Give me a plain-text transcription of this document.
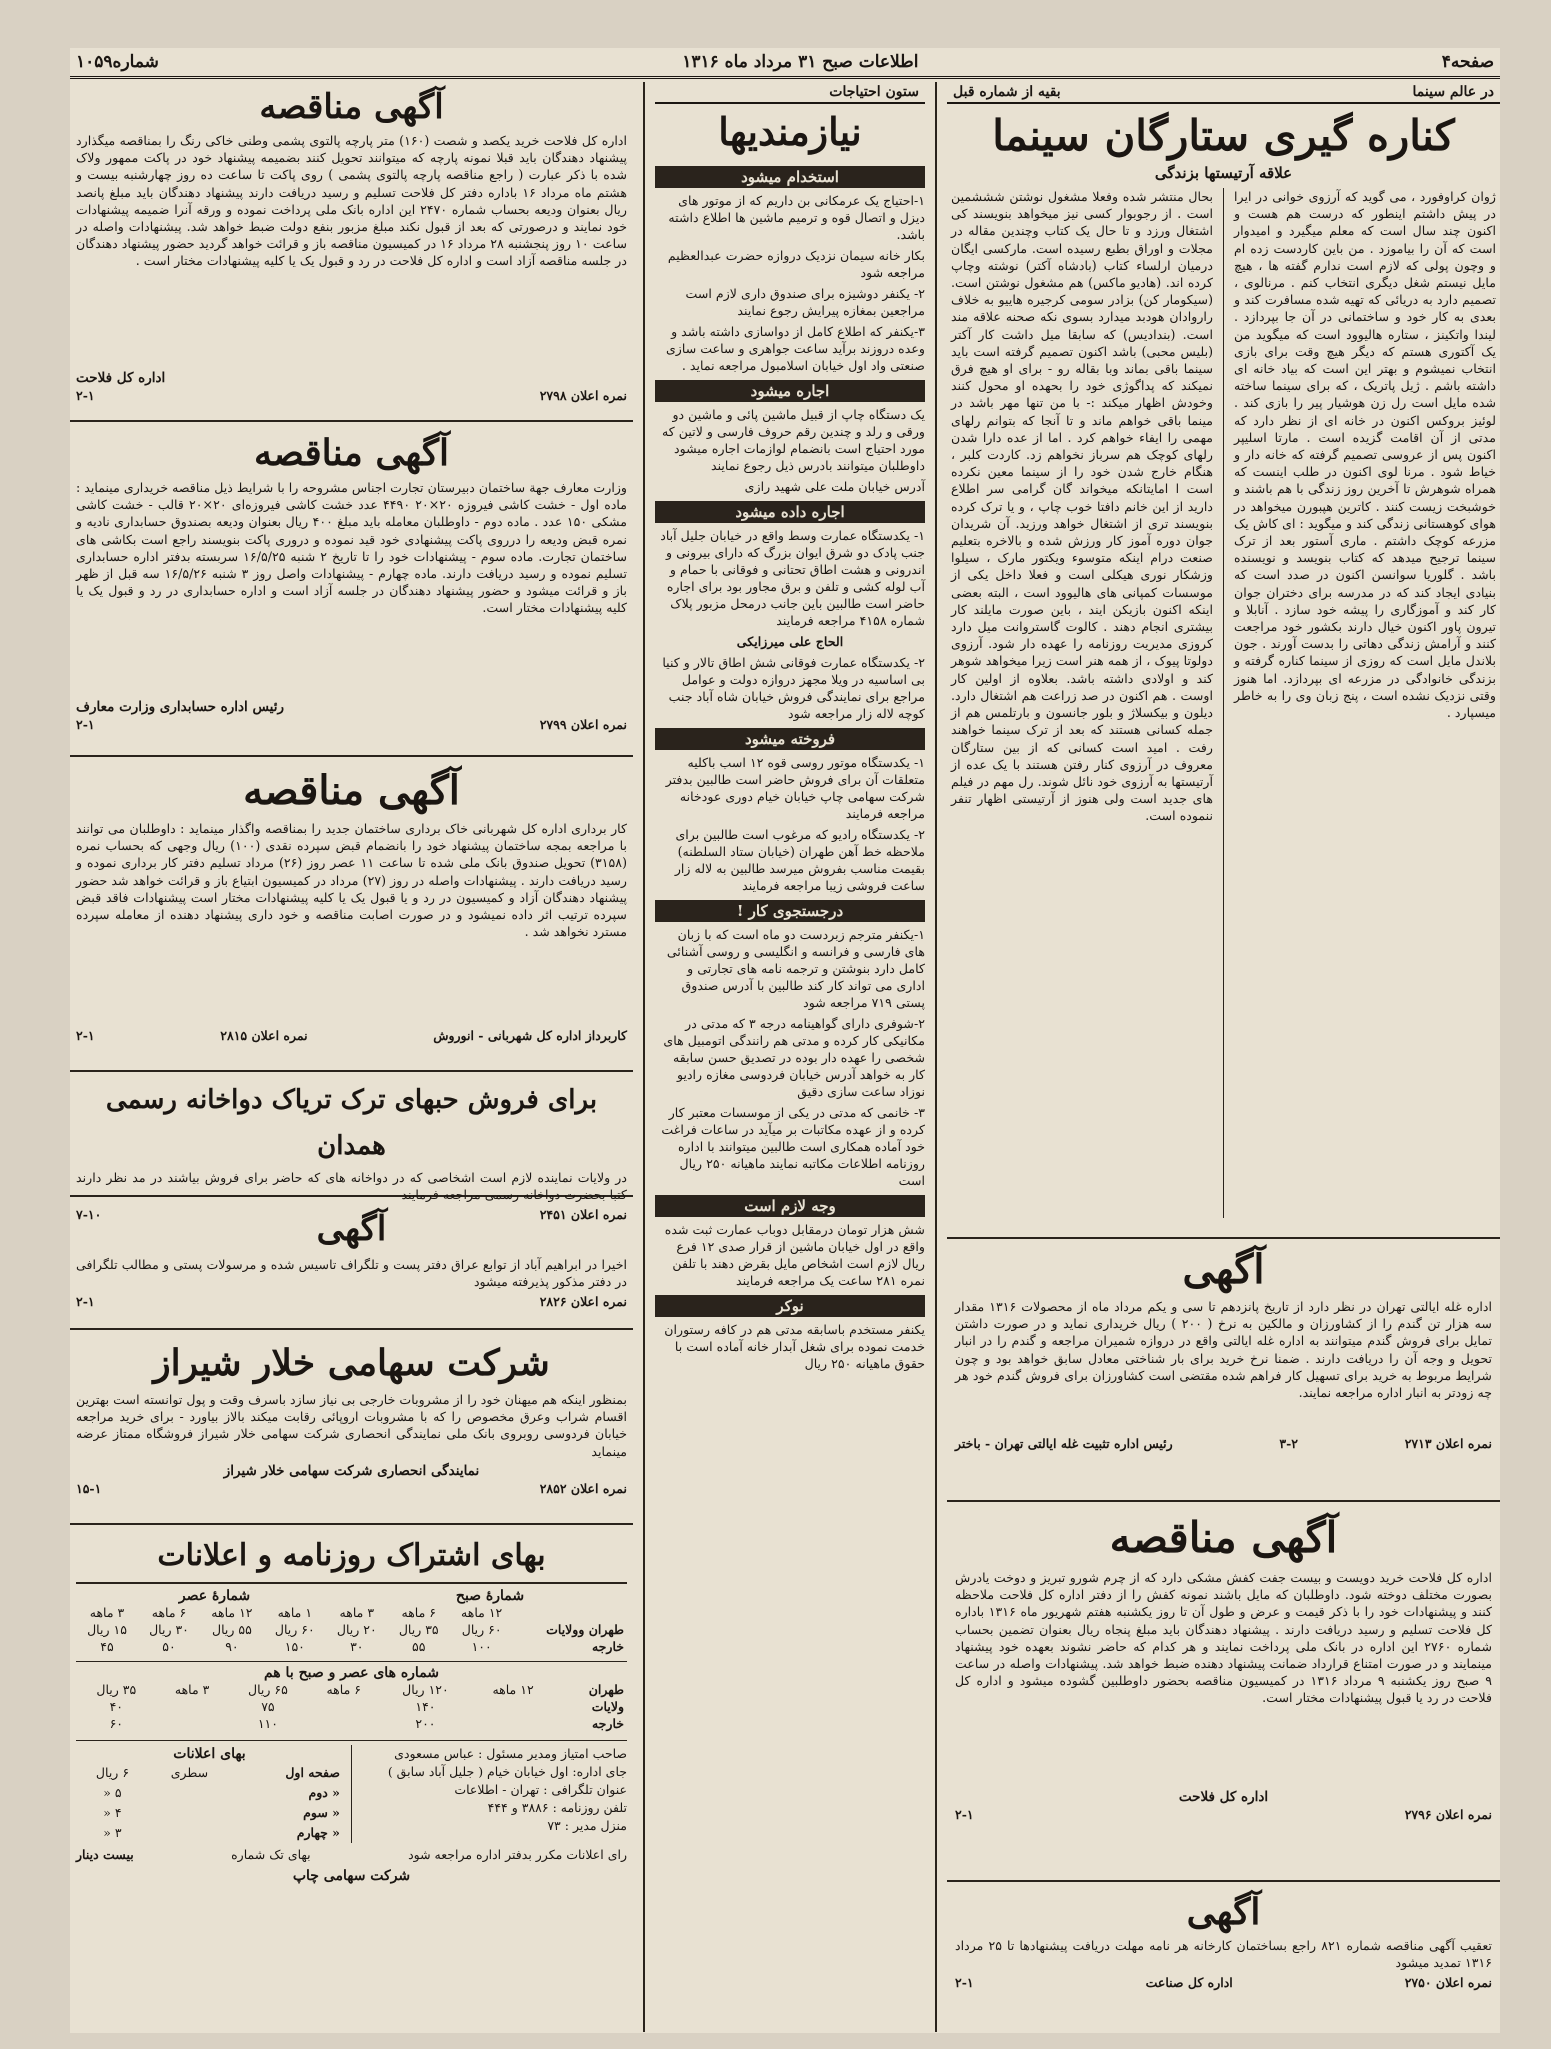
صفحه۴
اطلاعات صبح ۳۱ مرداد ماه ۱۳۱۶
شماره۱۰۵۹
در عالم سینما
بقیه از شماره قبل
کناره گیری ستارگان سینما
علاقه آرتیستها بزندگی
ژوان کراوفورد ، می گوید که آرزوی خوانی در ایرا در پیش داشتم اینطور که درست هم هست و اکنون چند سال است که معلم میگیرد و امیدوار است که آن را بیاموزد . من باین کاردست زده ام و وچون پولی که لازم است ندارم گفته ها ، هیچ مایل نیستم شغل دیگری انتخاب کنم . مرنالوی ، تصمیم دارد به دریائی که تهیه شده مسافرت کند و بعدی به کار خود و ساختمانی در آن جا بپردازد . لیندا واتکینز ، ستاره هالیوود است که میگوید من یک آکتوری هستم که دیگر هیچ وقت برای بازی انتخاب نمیشوم و بهتر این است که بیاد خانه ای داشته باشم . ژیل پاتریک ، که برای سینما ساخته شده مایل است رل زن هوشیار پیر را بازی کند . لوئیز بروکس اکنون در خانه ای از نظر دارد که مدتی از آن اقامت گزیده است . مارتا اسلیپر اکنون پس از عروسی تصمیم گرفته که خانه دار و خیاط شود . مرنا لوی اکنون در طلب اینست که همراه شوهرش تا آخرین روز زندگی با هم باشند و خوشبخت زیست کنند . کاترین هپبورن میخواهد در هوای کوهستانی زندگی کند و میگوید : ای کاش یک مزرعه کوچک داشتم . ماری آستور بعد از ترک سینما ترجیح میدهد که کتاب بنویسد و نویسنده باشد . گلوریا سوانسن اکنون در صدد است که بنیادی ایجاد کند که در مدرسه برای دختران جوان کار کند و آموزگاری را پیشه خود سازد . آنابلا و تیرون پاور اکنون خیال دارند بکشور خود مراجعت کنند و آرامش زندگی دهاتی را بدست آورند . جون بلاندل مایل است که روزی از سینما کناره گرفته و بزندگی خانوادگی در مزرعه ای بپردازد. اما هنوز وقتی نزدیک نشده است ، پنج زبان وی را به خاطر میسپارد .
بحال منتشر شده وفعلا مشغول نوشتن شششمین است . از رجوبوار کسی نیز میخواهد بنویسند کی اشتغال ورزد و تا حال یک کتاب وچندین مقاله در مجلات و اوراق بطبع رسیده است. مارکسی ایگان درمیان ارلساء کتاب (بادشاه آکتر) نوشته وچاپ کرده اند. (هادیو ماکس) هم مشغول نوشتن است. (سیکومار کن) بزادر سومی کرجیره هاییو به خلاف راروادان هودبد میدارد بسوی نکه صحنه علاقه مند است. (بندادیس) که سابقا میل داشت کار آکتر (بلیس محبی) باشد اکنون تصمیم گرفته است باید سینما باقی بماند وبا بقاله رو - برای او هیچ فرق نمیکند که پداگوژی خود را بحهده او محول کنند وخودش اظهار میکند :- با من تنها مهر باشد در مینما باقی خواهم ماند و تا آنجا که بتوانم رلهای مهمی را ایفاء خواهم کرد . اما از عده دارا شدن رلهای کوچک هم سرباز نخواهم زد. کاردت کلبر ، هنگام خارج شدن خود را از سینما معین نکرده است ا امایتانکه میخواند گان گرامی سر اطلاع دارید از این خانم دافتا خوب چاپ ، و یا ترک کرده بنویسند تری از اشتغال خواهد ورزید. آن شریدان جوان دوره آموز کار ورزش شده و بالاخره بتعلیم صنعت درام اینکه متوسوء ویکتور مارک ، سیلوا وزشکار نوری هیکلی است و فعلا داخل یکی از موسسات کمپانی های هالیوود است ، البته بعضی اینکه اکنون بازیکن ایند ، باین صورت مایلند کار بیشتری انجام دهند . کالوت گاستروانت میل دارد کروزی مدیریت روزنامه را عهده دار شود. آرزوی دولوتا پیوک ، از همه هنر است زیرا میخواهد شوهر کند و اولادی داشته باشد. بعلاوه از اولین کار اوست . هم اکنون در صد زراعت هم اشتغال دارد. دیلون و بیکسلاژ و بلور جانسون و بارتلمس هم از جمله کسانی هستند که بعد از ترک سینما خواهند رفت . امید است کسانی که از بین ستارگان معروف در آرزوی کنار رفتن هستند با یک عده از آرتیستها به آرزوی خود نائل شوند. رل مهم در فیلم های جدید است ولی هنوز از آرتیستی اظهار تنفر ننموده است.
آگهی

اداره غله ایالتی تهران در نظر دارد از تاریخ پانزدهم تا سی و یکم مرداد ماه از محصولات ۱۳۱۶ مقدار سه هزار تن گندم را از کشاورزان و مالکین به نرخ ( ۲۰۰ ) ریال خریداری نماید و در صورت داشتن تمایل برای فروش گندم میتوانند به اداره غله ایالتی واقع در دروازه شمیران مراجعه و گندم را در انبار تحویل و وجه آن را دریافت دارند . ضمنا نرخ خرید برای بار شناختی معادل سابق خواهد بود و چون شرایط مربوط به خرید برای تسهیل کار فراهم شده مقتضی است کشاورزان برای فروش گندم خود هر چه زودتر به انبار اداره مراجعه نمایند.

نمره اعلان ۲۷۱۳
۳-۲
رئیس اداره تثبیت غله ایالتی تهران - باختر
آگهی مناقصه

اداره کل فلاحت خرید دویست و بیست جفت کفش مشکی دارد که از چرم شورو تبریز و دوخت یادرش بصورت مختلف دوخته شود. داوطلبان که مایل باشند نمونه کفش را از دفتر اداره کل فلاحت ملاحظه کنند و پیشنهادات خود را با ذکر قیمت و عرض و طول آن تا روز یکشنبه هفتم شهریور ماه ۱۳۱۶ باداره کل فلاحت تسلیم و رسید دریافت دارند . پیشنهاد دهندگان باید مبلغ پنجاه ریال بعنوان تضمین بحساب شماره ۲۷۶۰ این اداره در بانک ملی پرداخت نمایند و هر کدام که حاضر نشوند بعهده خود پیشنهاد مینمایند و در صورت امتناع قرارداد ضمانت پیشنهاد دهنده ضبط خواهد شد. پیشنهادات واصله در ساعت ۹ صبح روز یکشنبه ۹ مرداد ۱۳۱۶ در کمیسیون مناقصه بحضور داوطلبین گشوده میشود و اداره کل فلاحت در رد یا قبول پیشنهادات مختار است.

اداره کل فلاحت
نمره اعلان ۲۷۹۶
۲-۱
آگهی

تعقیب آگهی مناقصه شماره ۸۲۱ راجع بساختمان کارخانه هر نامه مهلت دریافت پیشنهادها تا ۲۵ مرداد ۱۳۱۶ تمدید میشود

نمره اعلان ۲۷۵۰
اداره کل صناعت
۲-۱
ستون احتیاجات
نیازمندیها
استخدام میشود
۱-احتیاج یک عرمکانی بن داریم که از موتور های دیزل و اتصال قوه و ترمیم ماشین ها اطلاع داشته باشد.
بکار خانه سیمان نزدیک دروازه حضرت عبدالعظیم مراجعه شود
۲- یکنفر دوشیزه برای صندوق داری لازم است مراجعین بمغازه پیرایش رجوع نمایند
۳-یکنفر که اطلاع کامل از دواسازی داشته باشد و وعده دروزند برآید ساعت جواهری و ساعت سازی صنعتی واد اول خیابان اسلامبول مراجعه نماید .
اجاره میشود
یک دستگاه چاپ از قبیل ماشین پائی و ماشین دو ورقی و رلد و چندین رقم حروف فارسی و لاتین که مورد احتیاج است بانضمام لوازمات اجاره میشود داوطلبان میتوانند بادرس ذیل رجوع نمایند
آدرس خیابان ملت علی شهید رازی
اجاره داده میشود
۱- یکدستگاه عمارت وسط واقع در خیابان جلیل آباد جنب پادک دو شرق ایوان بزرگ که دارای بیرونی و اندرونی و هشت اطاق تحتانی و فوقانی با حمام و آب لوله کشی و تلفن و برق مجاور بود برای اجاره حاضر است طالبین باین جانب درمحل مزبور پلاک شماره ۴۱۵۸ مراجعه فرمایند
الحاج علی میرزایکی
۲- یکدستگاه عمارت فوقانی شش اطاق تالار و کنیا بی اساسیه در ویلا مجهز دروازه دولت و عوامل مراجع برای نمایندگی فروش خیابان شاه آباد جنب کوچه لاله زار مراجعه شود
فروخته میشود
۱- یکدستگاه موتور روسی قوه ۱۲ اسب باکلیه متعلقات آن برای فروش حاضر است طالبین بدفتر شرکت سهامی چاپ خیابان خیام دوری عودخانه مراجعه فرمایند
۲- یکدستگاه رادیو که مرغوب است طالبین برای ملاحظه خط آهن طهران (خیابان ستاد السلطنه) بقیمت مناسب بفروش میرسد طالبین به لاله زار ساعت فروشی زیبا مراجعه فرمایند
درجستجوی کار !
۱-یکنفر مترجم زبردست دو ماه است که با زبان های فارسی و فرانسه و انگلیسی و روسی آشنائی کامل دارد بنوشتن و ترجمه نامه های تجارتی و اداری می تواند کار کند طالبین با آدرس صندوق پستی ۷۱۹ مراجعه شود
۲-شوفری دارای گواهینامه درجه ۳ که مدتی در مکانیکی کار کرده و مدتی هم رانندگی اتومبیل های شخصی را عهده دار بوده در تصدیق حسن سابقه کار به خواهد آدرس خیابان فردوسی مغازه رادیو نوزاد ساعت سازی دقیق
۳- خانمی که مدتی در یکی از موسسات معتبر کار کرده و از عهده مکاتبات بر میآید در ساعات فراغت خود آماده همکاری است طالبین میتوانند با اداره روزنامه اطلاعات مکاتبه نمایند ماهیانه ۲۵۰ ریال است
وجه لازم است
شش هزار تومان درمقابل دوباب عمارت ثبت شده واقع در اول خیابان ماشین از قرار صدی ۱۲ فرع ریال لازم است اشخاص مایل بقرض دهند با تلفن نمره ۲۸۱ ساعت یک مراجعه فرمایند
نوکر
یکنفر مستخدم باسابقه مدتی هم در کافه رستوران خدمت نموده برای شغل آبدار خانه آماده است با حقوق ماهیانه ۲۵۰ ریال
آگهی مناقصه

اداره کل فلاحت خرید یکصد و شصت (۱۶۰) متر پارچه پالتوی پشمی وطنی خاکی رنگ را بمناقصه میگذارد پیشنهاد دهندگان باید قبلا نمونه پارچه که میتوانند تحویل کنند بضمیمه پیشنهاد خود در پاکت ممهور ولاک شده با ذکر عبارت ( راجع مناقصه پارچه پالتوی پشمی ) روی پاکت تا ساعت ده روز چهارشنبه بیست و هشتم ماه مرداد ۱۶ باداره دفتر کل فلاحت تسلیم و رسید دریافت دارند پیشنهاد دهندگان باید مبلغ پانصد ریال بعنوان ودیعه بحساب شماره ۲۴۷۰ این اداره بانک ملی پرداخت نموده و ورقه آنرا ضمیمه پیشنهادات خود نمایند و درصورتی که بعد از قبول نکند مبلغ مزبور بنفع دولت ضبط خواهد شد. پیشنهادات واصله در ساعت ۱۰ روز پنجشنبه ۲۸ مرداد ۱۶ در کمیسیون مناقصه باز و قرائت خواهد گردید حضور پیشنهاد دهندگان در جلسه مناقصه آزاد است و اداره کل فلاحت در رد و قبول یک یا کلیه پیشنهادات مختار است .

اداره کل فلاحت
نمره اعلان ۲۷۹۸
۲-۱
آگهی مناقصه

وزارت معارف جهة ساختمان دبیرستان تجارت اجناس مشروحه را با شرایط ذیل مناقصه خریداری مینماید : ماده اول - خشت کاشی فیروزه ۲۰×۲۰ ۴۴۹۰ عدد خشت کاشی فیروزه‌ای ۲۰×۲۰ قالب - خشت کاشی مشکی ۱۵۰ عدد . ماده دوم - داوطلبان معامله باید مبلغ ۴۰۰ ریال بعنوان ودیعه بصندوق حسابداری نادیه و نمره قبض ودیعه را درروی پاکت پیشنهادی خود قید نموده و دروری پاکت بنویسند راجع است بکاشی های ساختمان تجارت. ماده سوم - پیشنهادات خود را تا تاریخ ۲ شنبه ۱۶/۵/۲۵ سربسته بدفتر اداره حسابداری تسلیم نموده و رسید دریافت دارند. ماده چهارم - پیشنهادات واصل روز ۳ شنبه ۱۶/۵/۲۶ سه قبل از ظهر باز و قرائت میشود و حضور پیشنهاد دهندگان در جلسه آزاد است و اداره حسابداری در رد و قبول یک یا کلیه پیشنهادات مختار است.

رئیس اداره حسابداری وزارت معارف
نمره اعلان ۲۷۹۹
۲-۱
آگهی مناقصه

کار برداری اداره کل شهربانی خاک برداری ساختمان جدید را بمناقصه واگذار مینماید : داوطلبان می توانند با مراجعه بمجه ساختمان پیشنهاد خود را بانضمام قبض سپرده نقدی (۱۰۰) ریال وجهی که بحساب نمره (۳۱۵۸) تحویل صندوق بانک ملی شده تا ساعت ۱۱ عصر روز (۲۶) مرداد تسلیم دفتر کار برداری نموده و رسید دریافت دارند . پیشنهادات واصله در روز (۲۷) مرداد در کمیسیون ابتیاع باز و قرائت خواهد شد حضور پیشنهاد دهندگان آزاد و کمیسیون در رد و یا قبول یک یا کلیه پیشنهادات مختار است پیشنهادات فاقد قبض سپرده ترتیب اثر داده نمیشود و در صورت اصابت مناقصه و خود داری پیشنهاد دهنده از معامله سپرده مسترد نخواهد شد .

کاربرداز اداره کل شهربانی - انوروش
نمره اعلان ۲۸۱۵
۲-۱
برای فروش حبهای ترک تریاک دواخانه رسمی همدان

در ولایات نماینده لازم است اشخاصی که در دواخانه های که حاضر برای فروش بیاشند در مد نظر دارند کتبا بحضرت دواخانه رسمی مراجعه فرمایند

نمره اعلان ۲۴۵۱
۷-۱۰	آگهی

اخیرا در ابراهیم آباد از توابع عراق دفتر پست و تلگراف تاسیس شده و مرسولات پستی و مطالب تلگرافی در دفتر مذکور پذیرفته میشود

نمره اعلان ۲۸۲۶
۲-۱
شرکت سهامی خلار شیراز

بمنظور اینکه هم میهنان خود را از مشروبات خارجی بی نیاز سازد باسرف وقت و پول توانسته است بهترین اقسام شراب وعرق مخصوص را که با مشروبات اروپائی رقابت میکند بالاز بیاورد - برای خرید مراجعه خیابان فردوسی روبروی بانک ملی نمایندگی انحصاری شرکت سهامی خلار شیراز فروشگاه ممتاز عرضه مینماید

نمایندگی انحصاری شرکت سهامی خلار شیراز
نمره اعلان ۲۸۵۲
۱۵-۱
بهای اشتراک روزنامه و اعلانات
شمارهٔ صبح
شمارهٔ عصر
	۱۲ ماهه	۶ ماهه	۳ ماهه	۱ ماهه	۱۲ ماهه	۶ ماهه	۳ ماهه
طهران وولایات	۶۰ ریال	۳۵ ریال	۲۰ ریال	۶۰ ریال	۵۵ ریال	۳۰ ریال	۱۵ ریال
خارجه	۱۰۰	۵۵	۳۰	۱۵۰	۹۰	۵۰	۴۵
شماره های عصر و صبح با هم
طهران	۱۲ ماهه	۱۲۰ ریال	۶ ماهه	۶۵ ریال	۳ ماهه	۳۵ ریال
ولایات		۱۴۰		۷۵		۴۰
خارجه		۲۰۰		۱۱۰		۶۰
صاحب امتیاز ومدیر مسئول : عباس مسعودی
جای اداره: اول خیابان خیام ( جلیل آباد سابق )
عنوان تلگرافی : تهران - اطلاعات
تلفن روزنامه : ۳۸۸۶ و ۴۴۴
منزل مدیر : ۷۳
بهای اعلانات
صفحه اول	سطری	۶ ریال
« دوم		۵ «
« سوم		۴ «
« چهارم		۳ «
رای اعلانات مکرر بدفتر اداره مراجعه شود
بهای تک شماره
بیست دینار
شرکت سهامی چاپ
